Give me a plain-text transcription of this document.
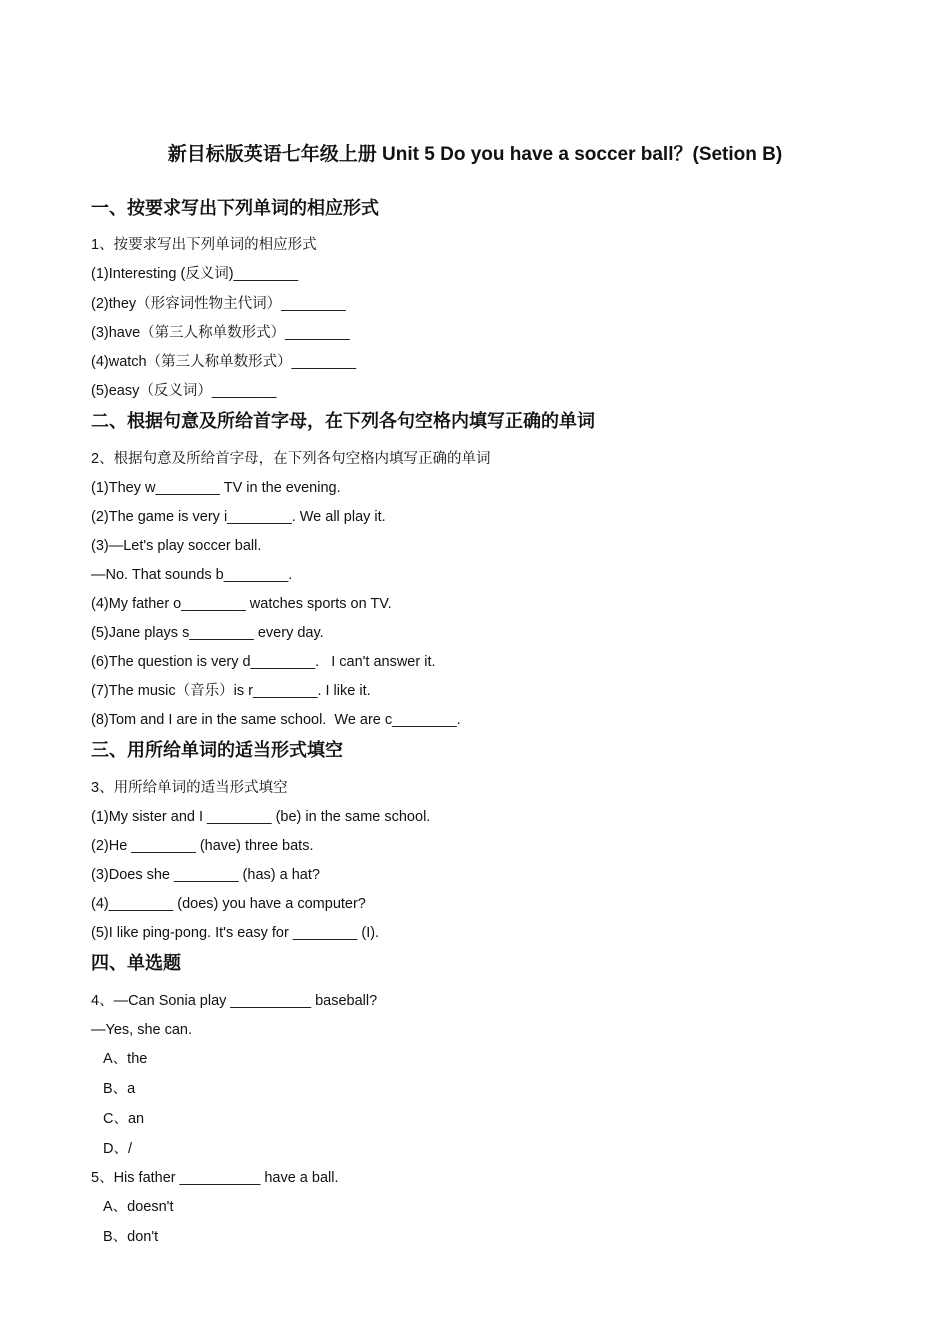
新目标版英语七年级上册 Unit 5 Do you have a soccer ball？(Setion B)
一、按要求写出下列单词的相应形式
1、按要求写出下列单词的相应形式
(1)Interesting (反义词)________
(2)they（形容词性物主代词）________
(3)have（第三人称单数形式）________
(4)watch（第三人称单数形式）________
(5)easy（反义词）________
二、根据句意及所给首字母，在下列各句空格内填写正确的单词
2、根据句意及所给首字母，在下列各句空格内填写正确的单词
(1)They w________ TV in the evening.
(2)The game is very i________. We all play it.
(3)—Let's play soccer ball.
—No. That sounds b________.
(4)My father o________ watches sports on TV.
(5)Jane plays s________ every day.
(6)The question is very d________.   I can't answer it.
(7)The music（音乐）is r________. I like it.
(8)Tom and I are in the same school.  We are c________.
三、用所给单词的适当形式填空
3、用所给单词的适当形式填空
(1)My sister and I ________ (be) in the same school.
(2)He ________ (have) three bats.
(3)Does she ________ (has) a hat?
(4)________ (does) you have a computer?
(5)I like ping-pong. It's easy for ________ (I).
四、单选题
4、—Can Sonia play __________ baseball?
—Yes, she can.
A、the
B、a
C、an
D、/
5、His father __________ have a ball.
A、doesn't
B、don't
